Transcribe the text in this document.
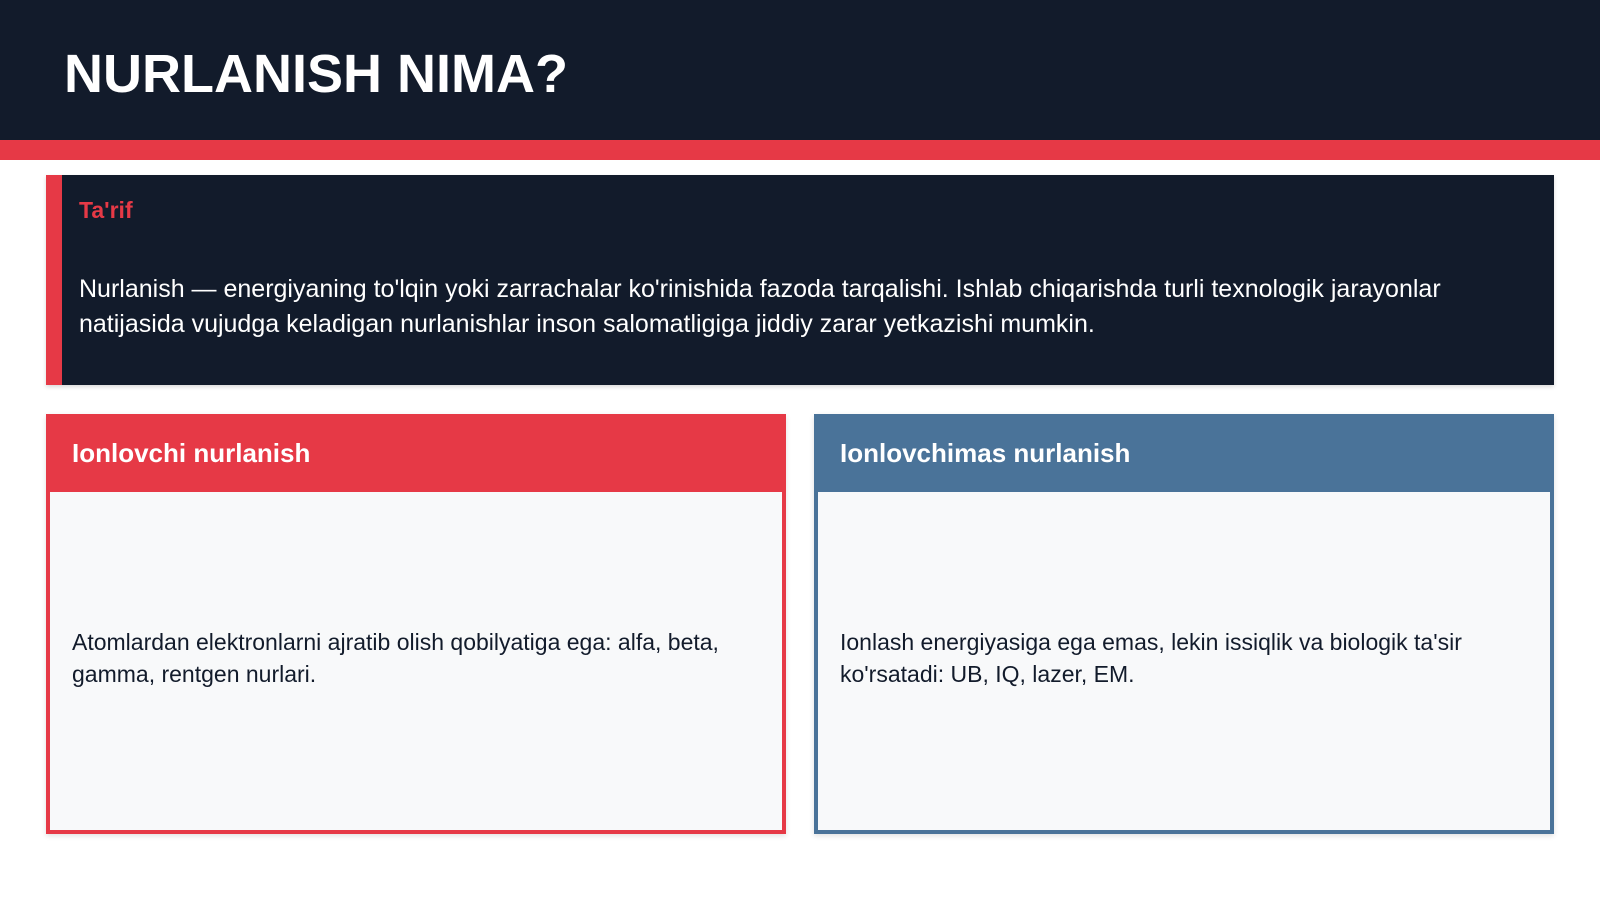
NURLANISH NIMA?
Ta'rif
Nurlanish — energiyaning to'lqin yoki zarrachalar ko'rinishida fazoda tarqalishi. Ishlab chiqarishda turli texnologik jarayonlar natijasida vujudga keladigan nurlanishlar inson salomatligiga jiddiy zarar yetkazishi mumkin.
Ionlovchi nurlanish
Atomlardan elektronlarni ajratib olish qobilyatiga ega: alfa, beta, gamma, rentgen nurlari.
Ionlovchimas nurlanish
Ionlash energiyasiga ega emas, lekin issiqlik va biologik ta'sir ko'rsatadi: UB, IQ, lazer, EM.
